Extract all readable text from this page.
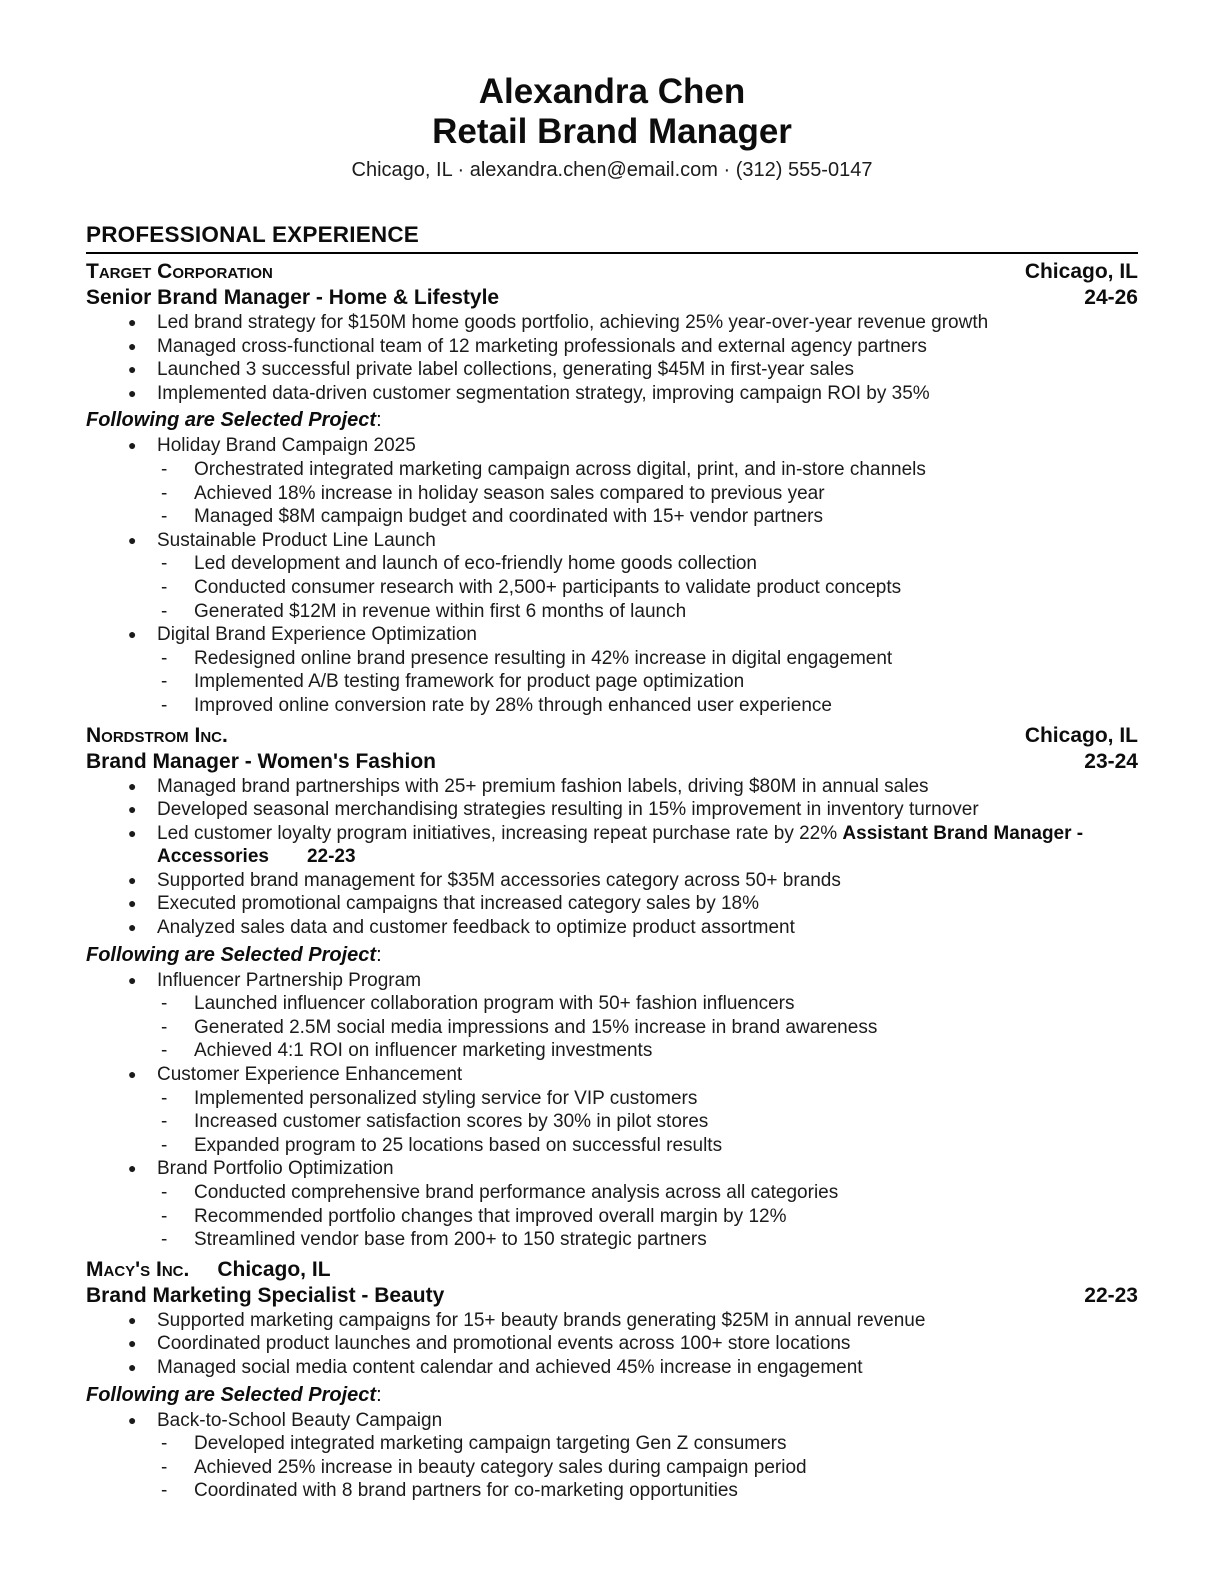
Alexandra Chen
Retail Brand Manager
Chicago, IL · alexandra.chen@email.com · (312) 555-0147
PROFESSIONAL EXPERIENCE
Target Corporation	Chicago, IL
Senior Brand Manager - Home & Lifestyle	24-26
●	Led brand strategy for $150M home goods portfolio, achieving 25% year-over-year revenue growth
●	Managed cross-functional team of 12 marketing professionals and external agency partners
●	Launched 3 successful private label collections, generating $45M in first-year sales
●	Implemented data-driven customer segmentation strategy, improving campaign ROI by 35%
Following are Selected Project:
●	Holiday Brand Campaign 2025
-	Orchestrated integrated marketing campaign across digital, print, and in-store channels
-	Achieved 18% increase in holiday season sales compared to previous year
-	Managed $8M campaign budget and coordinated with 15+ vendor partners
●	Sustainable Product Line Launch
-	Led development and launch of eco-friendly home goods collection
-	Conducted consumer research with 2,500+ participants to validate product concepts
-	Generated $12M in revenue within first 6 months of launch
●	Digital Brand Experience Optimization
-	Redesigned online brand presence resulting in 42% increase in digital engagement
-	Implemented A/B testing framework for product page optimization
-	Improved online conversion rate by 28% through enhanced user experience
Nordstrom Inc.	Chicago, IL
Brand Manager - Women's Fashion	23-24
●	Managed brand partnerships with 25+ premium fashion labels, driving $80M in annual sales
●	Developed seasonal merchandising strategies resulting in 15% improvement in inventory turnover
●	Led customer loyalty program initiatives, increasing repeat purchase rate by 22% Assistant Brand Manager - Accessories 22-23
●	Supported brand management for $35M accessories category across 50+ brands
●	Executed promotional campaigns that increased category sales by 18%
●	Analyzed sales data and customer feedback to optimize product assortment
Following are Selected Project:
●	Influencer Partnership Program
-	Launched influencer collaboration program with 50+ fashion influencers
-	Generated 2.5M social media impressions and 15% increase in brand awareness
-	Achieved 4:1 ROI on influencer marketing investments
●	Customer Experience Enhancement
-	Implemented personalized styling service for VIP customers
-	Increased customer satisfaction scores by 30% in pilot stores
-	Expanded program to 25 locations based on successful results
●	Brand Portfolio Optimization
-	Conducted comprehensive brand performance analysis across all categories
-	Recommended portfolio changes that improved overall margin by 12%
-	Streamlined vendor base from 200+ to 150 strategic partners
Macy's Inc. Chicago, IL
Brand Marketing Specialist - Beauty	22-23
●	Supported marketing campaigns for 15+ beauty brands generating $25M in annual revenue
●	Coordinated product launches and promotional events across 100+ store locations
●	Managed social media content calendar and achieved 45% increase in engagement
Following are Selected Project:
●	Back-to-School Beauty Campaign
-	Developed integrated marketing campaign targeting Gen Z consumers
-	Achieved 25% increase in beauty category sales during campaign period
-	Coordinated with 8 brand partners for co-marketing opportunities
